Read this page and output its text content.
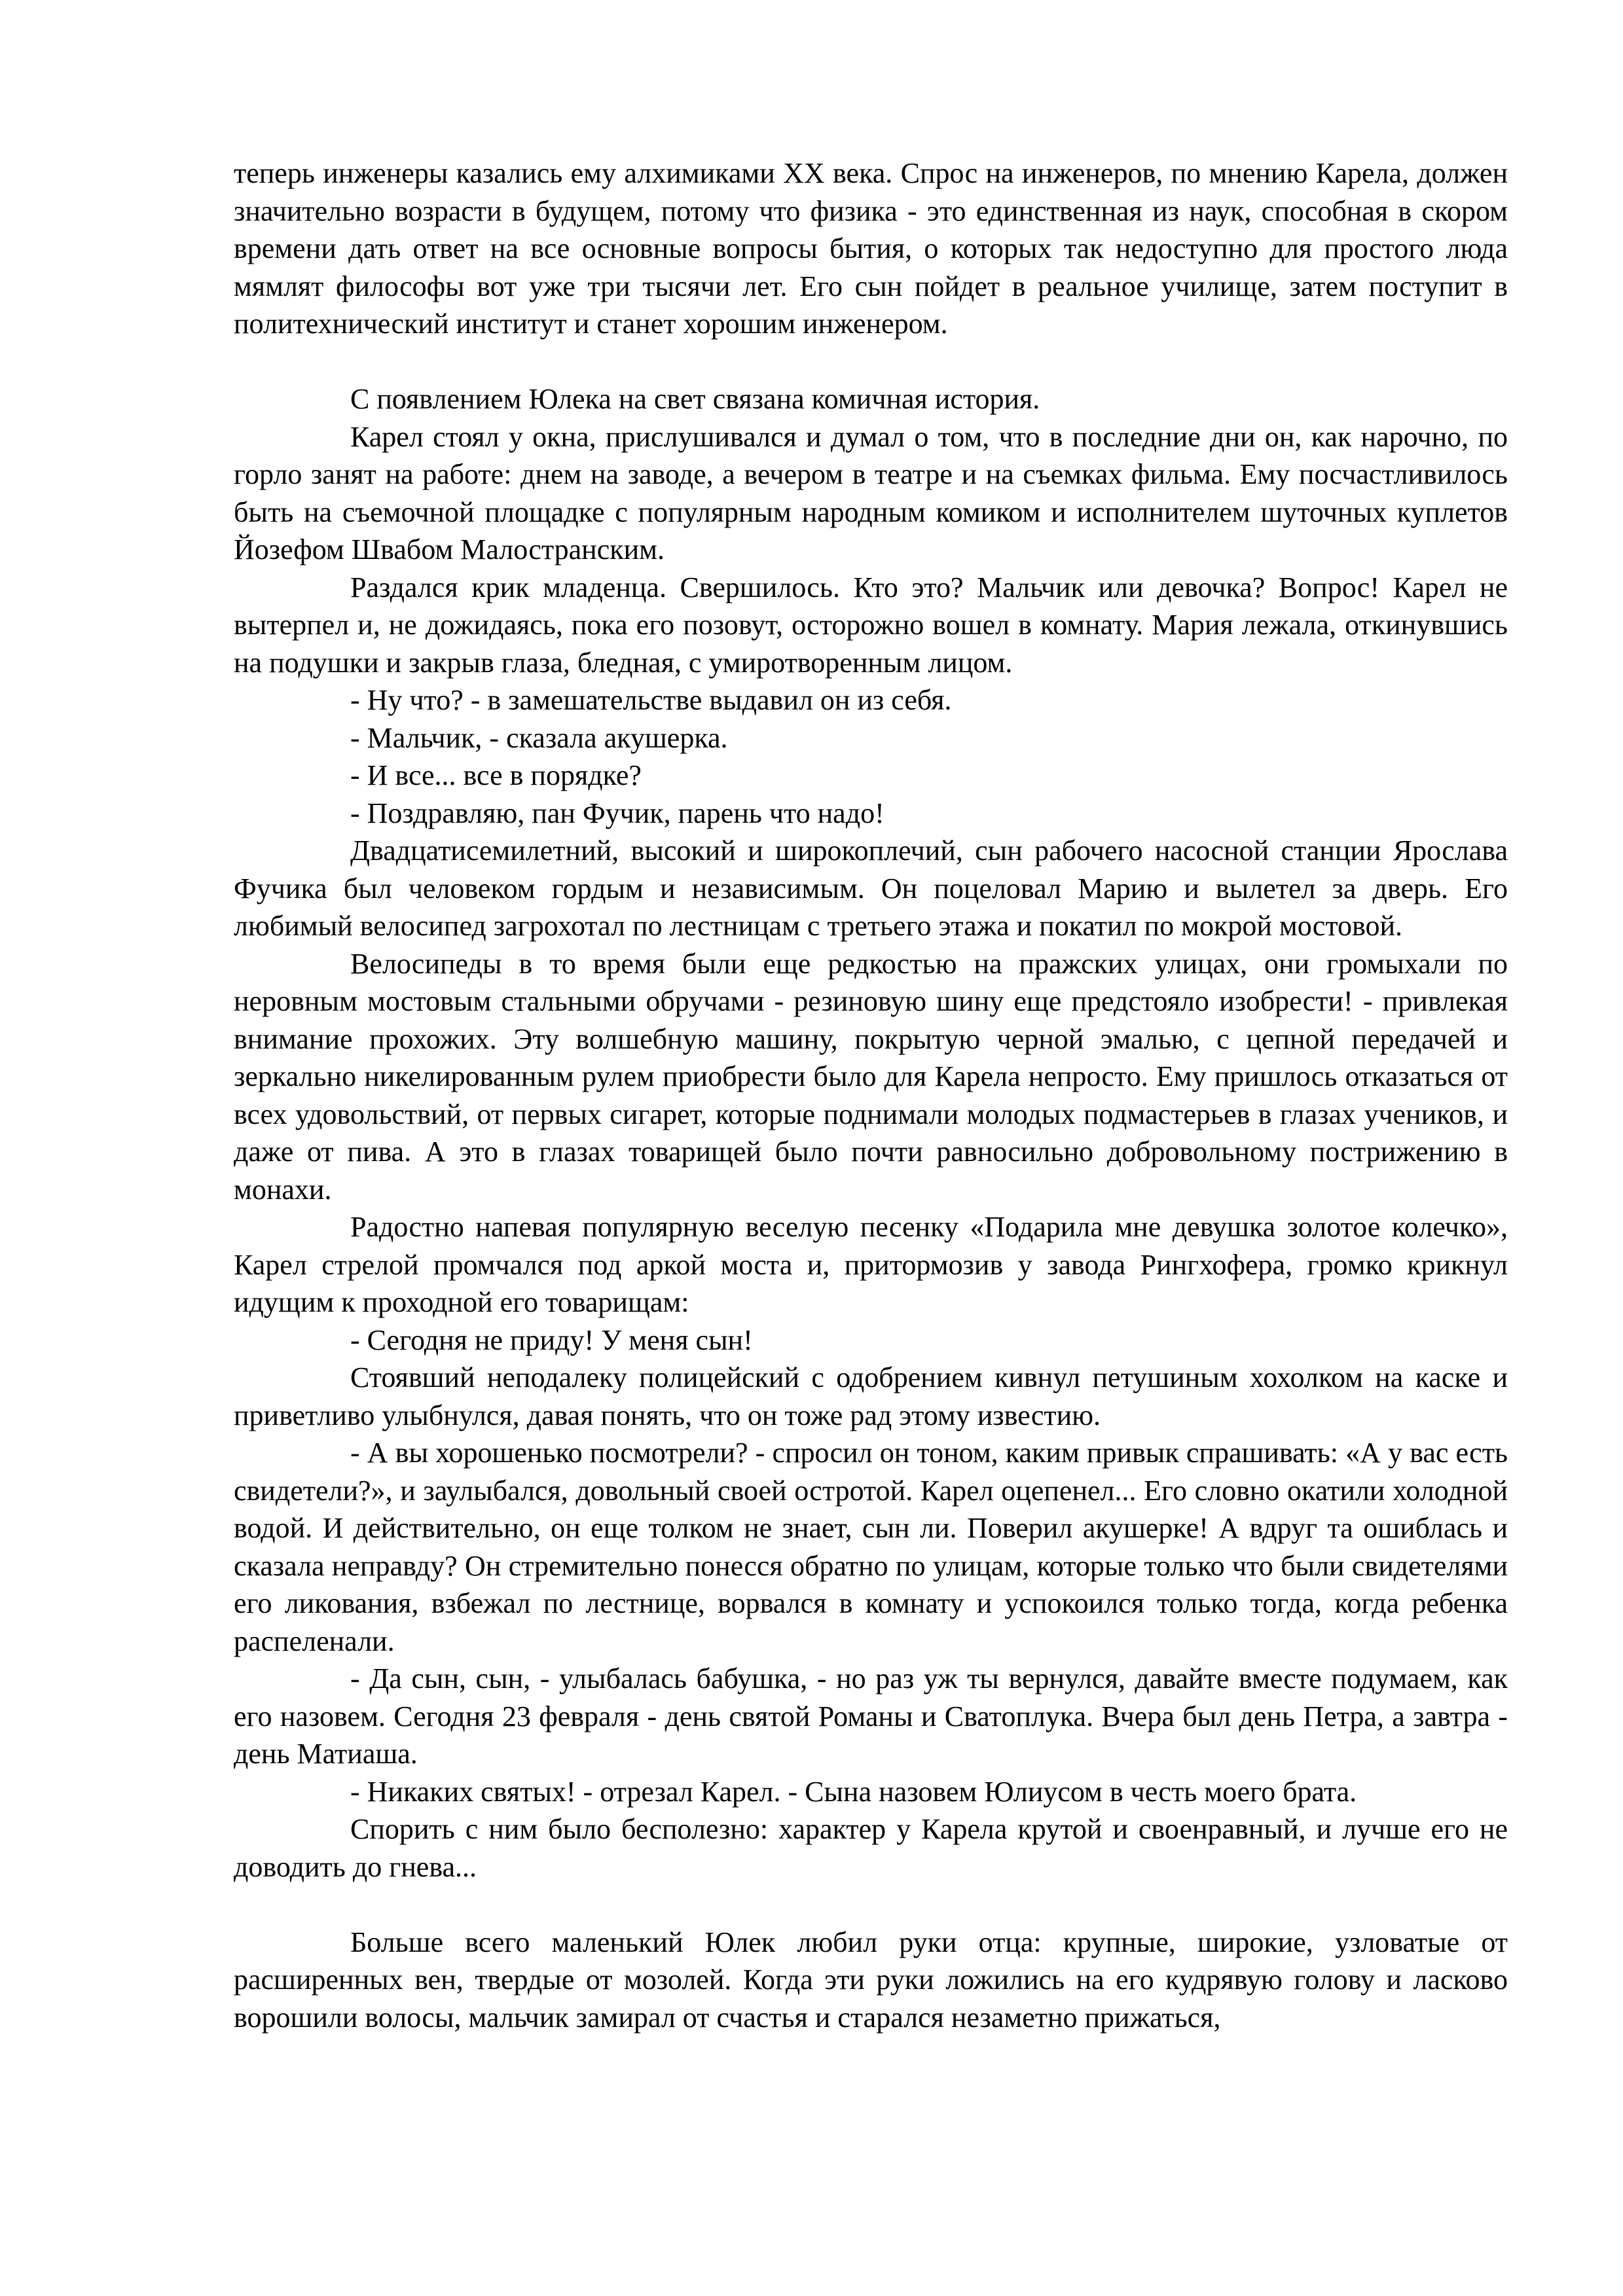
теперь инженеры казались ему алхимиками XX века. Спрос на инженеров, по мнению Карела, должен значительно возрасти в будущем, потому что физика - это единственная из наук, способная в скором времени дать ответ на все основные вопросы бытия, о которых так недоступно для простого люда мямлят философы вот уже три тысячи лет. Его сын пойдет в реальное училище, затем поступит в политехнический институт и станет хорошим инженером.

С появлением Юлека на свет связана комичная история.

Карел стоял у окна, прислушивался и думал о том, что в последние дни он, как нарочно, по горло занят на работе: днем на заводе, а вечером в театре и на съемках фильма. Ему посчастливилось быть на съемочной площадке с популярным народным комиком и исполнителем шуточных куплетов Йозефом Швабом Малостранским.

Раздался крик младенца. Свершилось. Кто это? Мальчик или девочка? Вопрос! Карел не вытерпел и, не дожидаясь, пока его позовут, осторожно вошел в комнату. Мария лежала, откинувшись на подушки и закрыв глаза, бледная, с умиротворенным лицом.

- Ну что? - в замешательстве выдавил он из себя.

- Мальчик, - сказала акушерка.

- И все... все в порядке?

- Поздравляю, пан Фучик, парень что надо!

Двадцатисемилетний, высокий и широкоплечий, сын рабочего насосной станции Ярослава Фучика был человеком гордым и независимым. Он поцеловал Марию и вылетел за дверь. Его любимый велосипед загрохотал по лестницам с третьего этажа и покатил по мокрой мостовой.

Велосипеды в то время были еще редкостью на пражских улицах, они громыхали по неровным мостовым стальными обручами - резиновую шину еще предстояло изобрести! - привлекая внимание прохожих. Эту волшебную машину, покрытую черной эмалью, с цепной передачей и зеркально никелированным рулем приобрести было для Карела непросто. Ему пришлось отказаться от всех удовольствий, от первых сигарет, которые поднимали молодых подмастерьев в глазах учеников, и даже от пива. А это в глазах товарищей было почти равносильно добровольному пострижению в монахи.

Радостно напевая популярную веселую песенку «Подарила мне девушка золотое колечко», Карел стрелой промчался под аркой моста и, притормозив у завода Рингхофера, громко крикнул идущим к проходной его товарищам:

- Сегодня не приду! У меня сын!

Стоявший неподалеку полицейский с одобрением кивнул петушиным хохолком на каске и приветливо улыбнулся, давая понять, что он тоже рад этому известию.

- А вы хорошенько посмотрели? - спросил он тоном, каким привык спрашивать: «А у вас есть свидетели?», и заулыбался, довольный своей остротой. Карел оцепенел... Его словно окатили холодной водой. И действительно, он еще толком не знает, сын ли. Поверил акушерке! А вдруг та ошиблась и сказала неправду? Он стремительно понесся обратно по улицам, которые только что были свидетелями его ликования, взбежал по лестнице, ворвался в комнату и успокоился только тогда, когда ребенка распеленали.

- Да сын, сын, - улыбалась бабушка, - но раз уж ты вернулся, давайте вместе подумаем, как его назовем. Сегодня 23 февраля - день святой Романы и Сватоплука. Вчера был день Петра, а завтра - день Матиаша.

- Никаких святых! - отрезал Карел. - Сына назовем Юлиусом в честь моего брата.

Спорить с ним было бесполезно: характер у Карела крутой и своенравный, и лучше его не доводить до гнева...

Больше всего маленький Юлек любил руки отца: крупные, широкие, узловатые от расширенных вен, твердые от мозолей. Когда эти руки ложились на его кудрявую голову и ласково ворошили волосы, мальчик замирал от счастья и старался незаметно прижаться,
